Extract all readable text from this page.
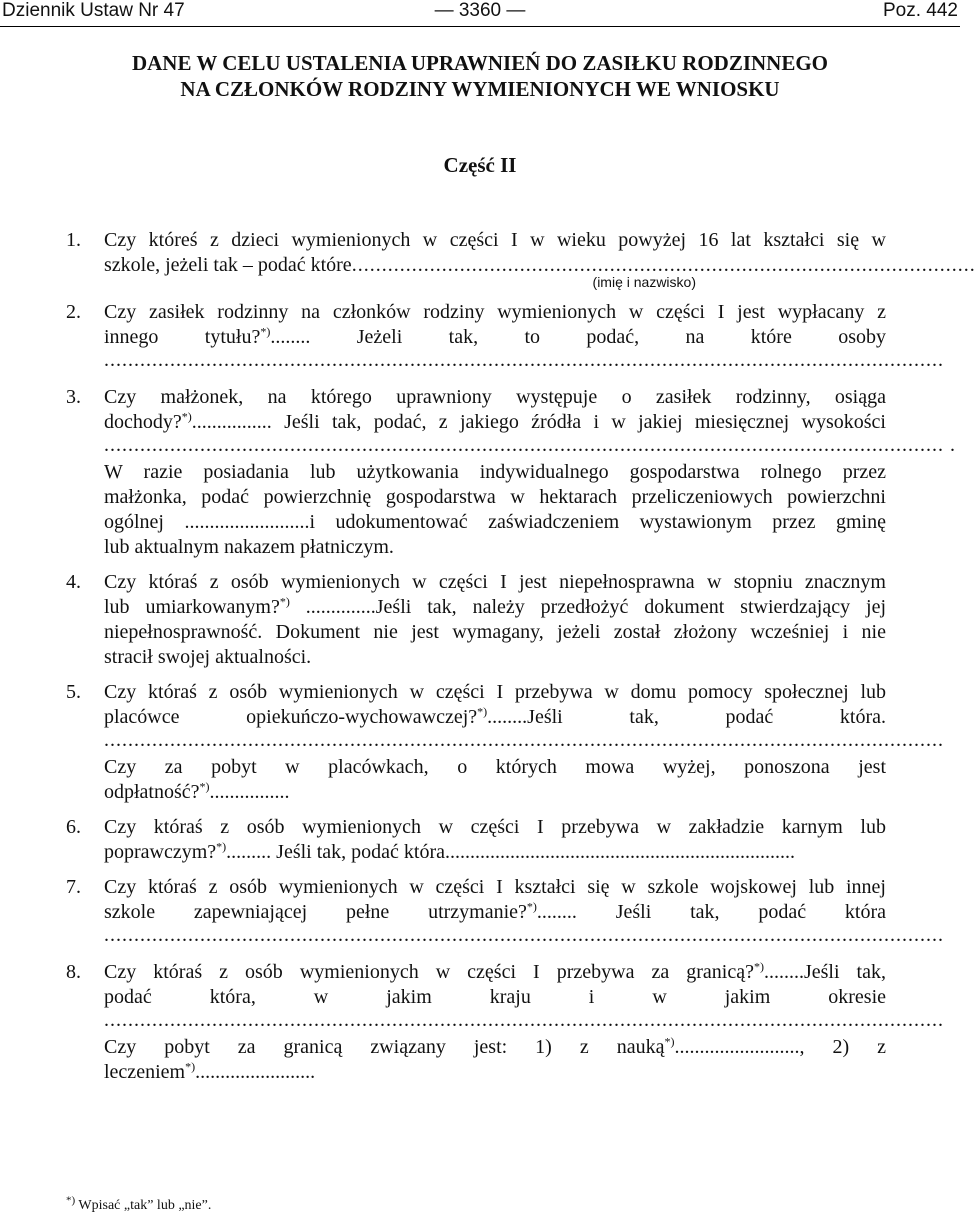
Dziennik Ustaw Nr 47	— 3360 —	Poz. 442
DANE W CELU USTALENIA UPRAWNIEŃ DO ZASIŁKU RODZINNEGO
NA CZŁONKÓW RODZINY WYMIENIONYCH WE WNIOSKU
Część II
1.	Czy któreś z dzieci wymienionych w części I w wieku powyżej 16 lat kształci się w
szkole, jeżeli tak – podać które ........................................................................................................
(imię i nazwisko)
2.	Czy zasiłek rodzinny na członków rodziny wymienionych w części I jest wypłacany z
innego tytułu?*)........ Jeżeli tak, to podać, na które osoby
............................................................................................................................................
3.	Czy małżonek, na którego uprawniony występuje o zasiłek rodzinny, osiąga
dochody?*)................ Jeśli tak, podać, z jakiego źródła i w jakiej miesięcznej wysokości
............................................................................................................................................ .
W razie posiadania lub użytkowania indywidualnego gospodarstwa rolnego przez
małżonka, podać powierzchnię gospodarstwa w hektarach przeliczeniowych powierzchni
ogólnej .........................i udokumentować zaświadczeniem wystawionym przez gminę
lub aktualnym nakazem płatniczym.
4.	Czy któraś z osób wymienionych w części I jest niepełnosprawna w stopniu znacznym
lub umiarkowanym?*) ..............Jeśli tak, należy przedłożyć dokument stwierdzający jej
niepełnosprawność. Dokument nie jest wymagany, jeżeli został złożony wcześniej i nie
stracił swojej aktualności.
5.	Czy któraś z osób wymienionych w części I przebywa w domu pomocy społecznej lub
placówce opiekuńczo-wychowawczej?*)........Jeśli tak, podać która.
............................................................................................................................................
Czy za pobyt w placówkach, o których mowa wyżej, ponoszona jest
odpłatność?*)................
6.	Czy któraś z osób wymienionych w części I przebywa w zakładzie karnym lub
poprawczym?*)......... Jeśli tak, podać która......................................................................
7.	Czy któraś z osób wymienionych w części I kształci się w szkole wojskowej lub innej
szkole zapewniającej pełne utrzymanie?*)........ Jeśli tak, podać która
............................................................................................................................................
8.	Czy któraś z osób wymienionych w części I przebywa za granicą?*)........Jeśli tak,
podać która, w jakim kraju i w jakim okresie
............................................................................................................................................
Czy pobyt za granicą związany jest: 1) z nauką*)........................., 2) z
leczeniem*)........................
*) Wpisać „tak” lub „nie”.
